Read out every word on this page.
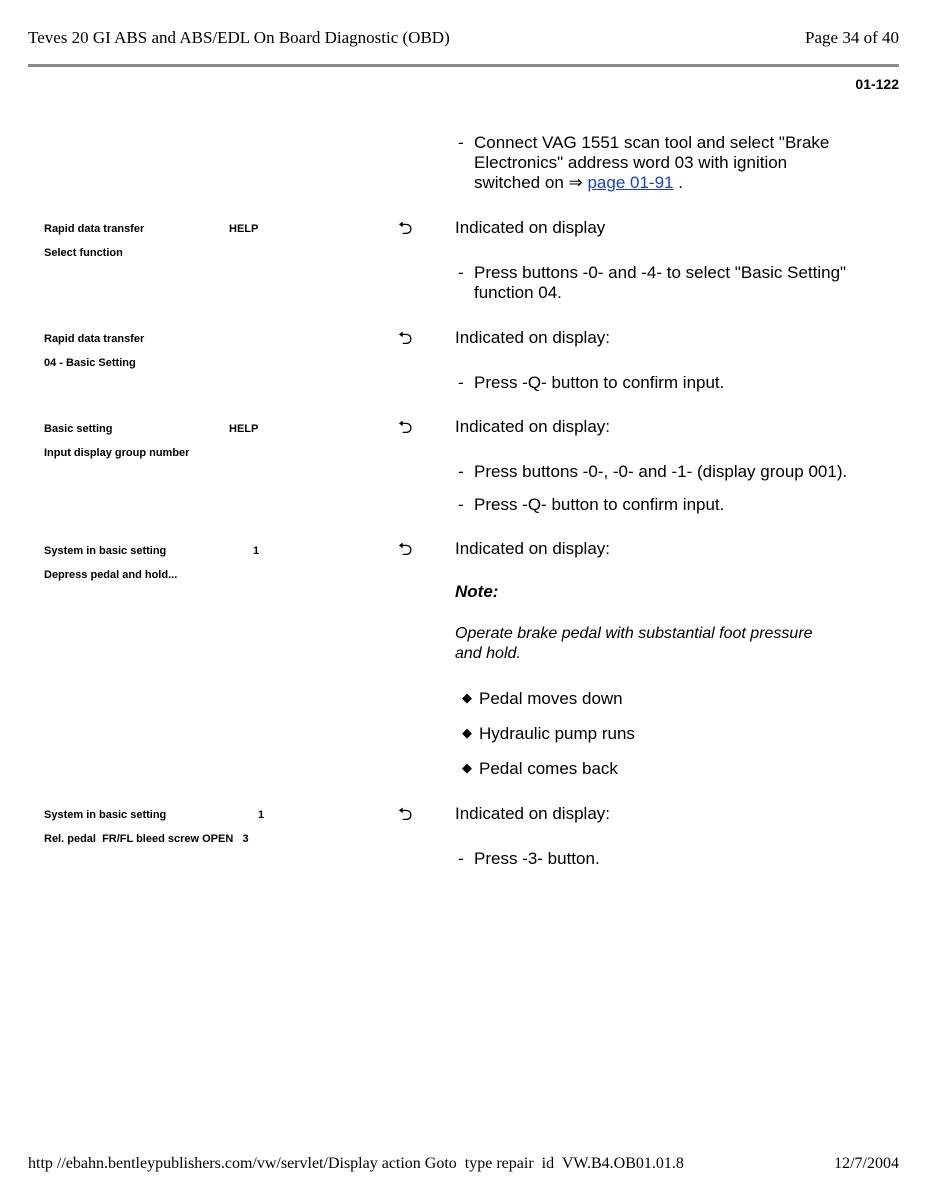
Teves 20 GI ABS and ABS/EDL On Board Diagnostic (OBD)	Page 34 of 40
01-122
- Connect VAG 1551 scan tool and select "Brake
Electronics" address word 03 with ignition
switched on ⇒ page 01-91 .
Rapid data transfer	HELP
Select function
⮌	Indicated on display
- Press buttons -0- and -4- to select "Basic Setting"
function 04.
Rapid data transfer
04 - Basic Setting
⮌	Indicated on display:
- Press -Q- button to confirm input.
Basic setting	HELP
Input display group number
⮌	Indicated on display:
- Press buttons -0-, -0- and -1- (display group 001).
- Press -Q- button to confirm input.
System in basic setting	1
Depress pedal and hold...
⮌	Indicated on display:
Note:
Operate brake pedal with substantial foot pressure
and hold.
◆ Pedal moves down
◆ Hydraulic pump runs
◆ Pedal comes back
System in basic setting	1
Rel. pedal  FR/FL bleed screw OPEN   3
⮌	Indicated on display:
- Press -3- button.
http //ebahn.bentleypublishers.com/vw/servlet/Display action Goto  type repair  id  VW.B4.OB01.01.8	12/7/2004
